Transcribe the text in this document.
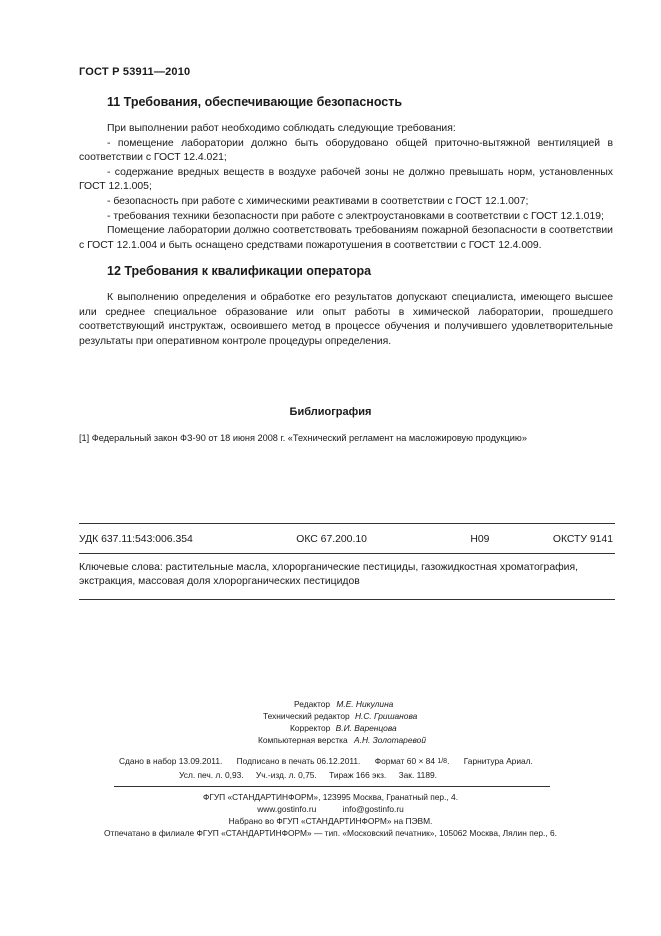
ГОСТ Р 53911—2010
11 Требования, обеспечивающие безопасность

При выполнении работ необходимо соблюдать следующие требования:

- помещение лаборатории должно быть оборудовано общей приточно-вытяжной вентиляцией в соответствии с ГОСТ 12.4.021;

- содержание вредных веществ в воздухе рабочей зоны не должно превышать норм, установленных ГОСТ 12.1.005;

- безопасность при работе с химическими реактивами в соответствии с ГОСТ 12.1.007;

- требования техники безопасности при работе с электроустановками в соответствии с ГОСТ 12.1.019;

Помещение лаборатории должно соответствовать требованиям пожарной безопасности в соответствии с ГОСТ 12.1.004 и быть оснащено средствами пожаротушения в соответствии с ГОСТ 12.4.009.

12 Требования к квалификации оператора

К выполнению определения и обработке его результатов допускают специалиста, имеющего высшее или среднее специальное образование или опыт работы в химической лаборатории, прошедшего соответствующий инструктаж, освоившего метод в процессе обучения и получившего удовлетворительные результаты при оперативном контроле процедуры определения.

Библиография
[1] Федеральный закон ФЗ-90 от 18 июня 2008 г. «Технический регламент на масложировую продукцию»
УДК 637.11:543:006.354	ОКС 67.200.10	Н09	ОКСТУ 9141
Ключевые слова: растительные масла, хлорорганические пестициды, газожидкостная хроматография, экстракция, массовая доля хлорорганических пестицидов
Редактор М.Е. Никулина
Технический редактор Н.С. Гришанова
Корректор В.И. Варенцова
Компьютерная верстка А.Н. Золотаревой
Сдано в набор 13.09.2011. Подписано в печать 06.12.2011. Формат 60 × 84 1/8. Гарнитура Ариал.
Усл. печ. л. 0,93. Уч.-изд. л. 0,75. Тираж 166 экз. Зак. 1189.
ФГУП «СТАНДАРТИНФОРМ», 123995 Москва, Гранатный пер., 4.
www.gostinfo.ru	info@gostinfo.ru
Набрано во ФГУП «СТАНДАРТИНФОРМ» на ПЭВМ.
Отпечатано в филиале ФГУП «СТАНДАРТИНФОРМ» — тип. «Московский печатник», 105062 Москва, Лялин пер., 6.
